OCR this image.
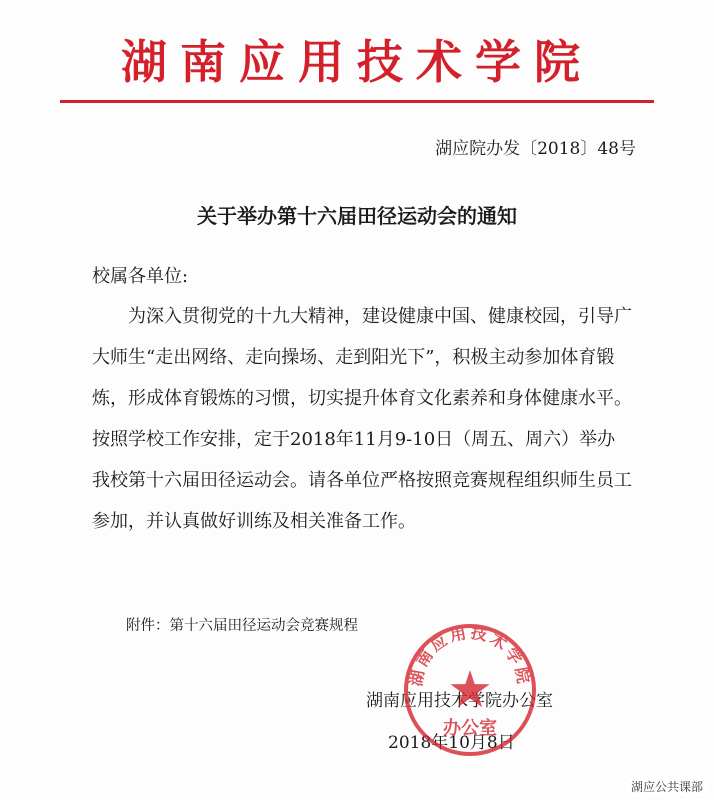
湖南应用技术学院
湖应院办发〔2018〕48号
关于举办第十六届田径运动会的通知
校属各单位:

为深入贯彻党的十九大精神，建设健康中国、健康校园，引导广大师生“走出网络、走向操场、走到阳光下”，积极主动参加体育锻炼，形成体育锻炼的习惯，切实提升体育文化素养和身体健康水平。按照学校工作安排，定于2018年11月9-10日（周五、周六）举办我校第十六届田径运动会。请各单位严格按照竞赛规程组织师生员工参加，并认真做好训练及相关准备工作。

附件：第十六届田径运动会竞赛规程
湖南应用技术学院办公室
2018年10月8日
湖南应用技术学院
办公室
湖应公共课部
